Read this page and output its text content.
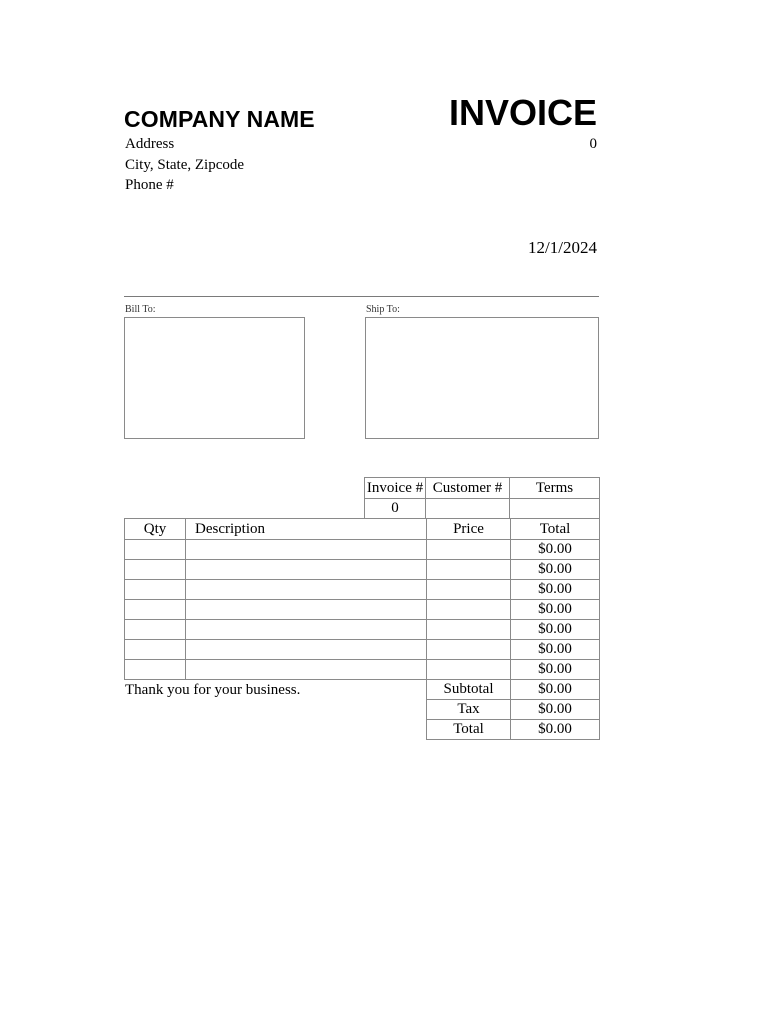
COMPANY NAME
Address
City, State, Zipcode
Phone #
INVOICE
0
12/1/2024
Bill To:	Ship To:
Invoice #	Customer #	Terms
0		
Qty	Description	Price	Total
			$0.00
			$0.00
			$0.00
			$0.00
			$0.00
			$0.00
			$0.00
		Subtotal	$0.00
		Tax	$0.00
		Total	$0.00
Thank you for your business.
